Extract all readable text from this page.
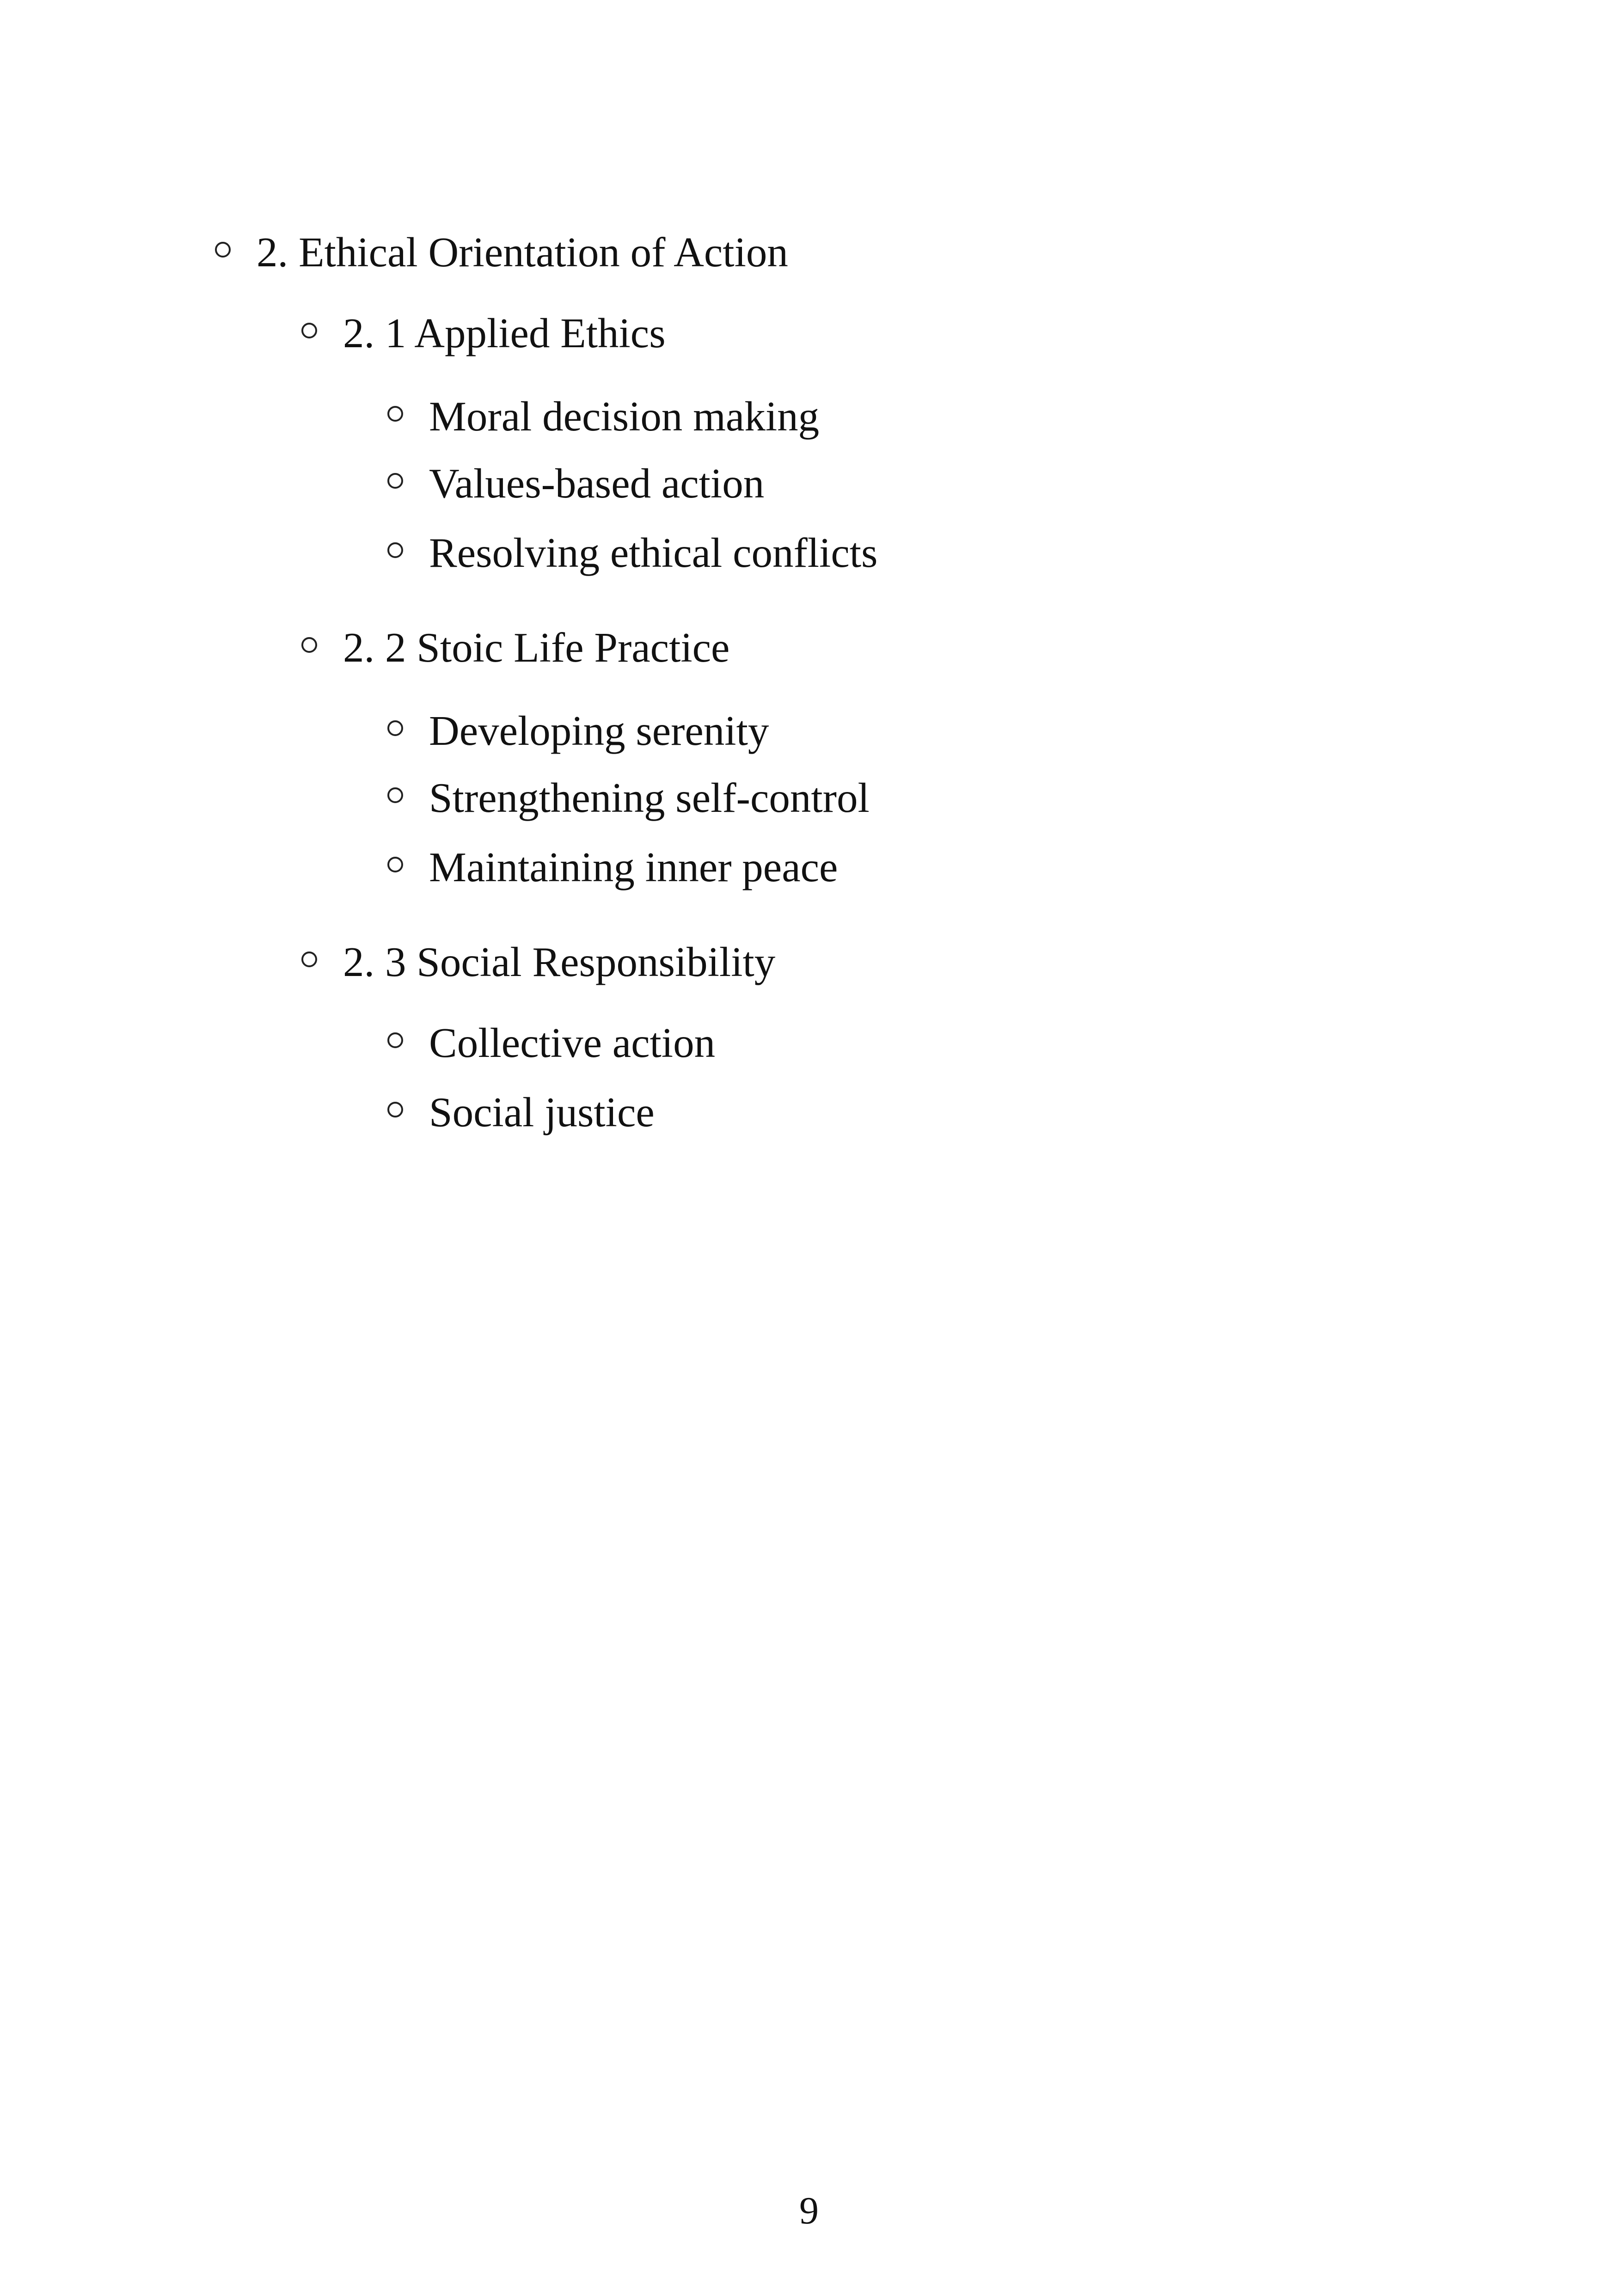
2. Ethical Orientation of Action
2. 1 Applied Ethics
Moral decision making
Values-based action
Resolving ethical conflicts
2. 2 Stoic Life Practice
Developing serenity
Strengthening self-control
Maintaining inner peace
2. 3 Social Responsibility
Collective action
Social justice
9
